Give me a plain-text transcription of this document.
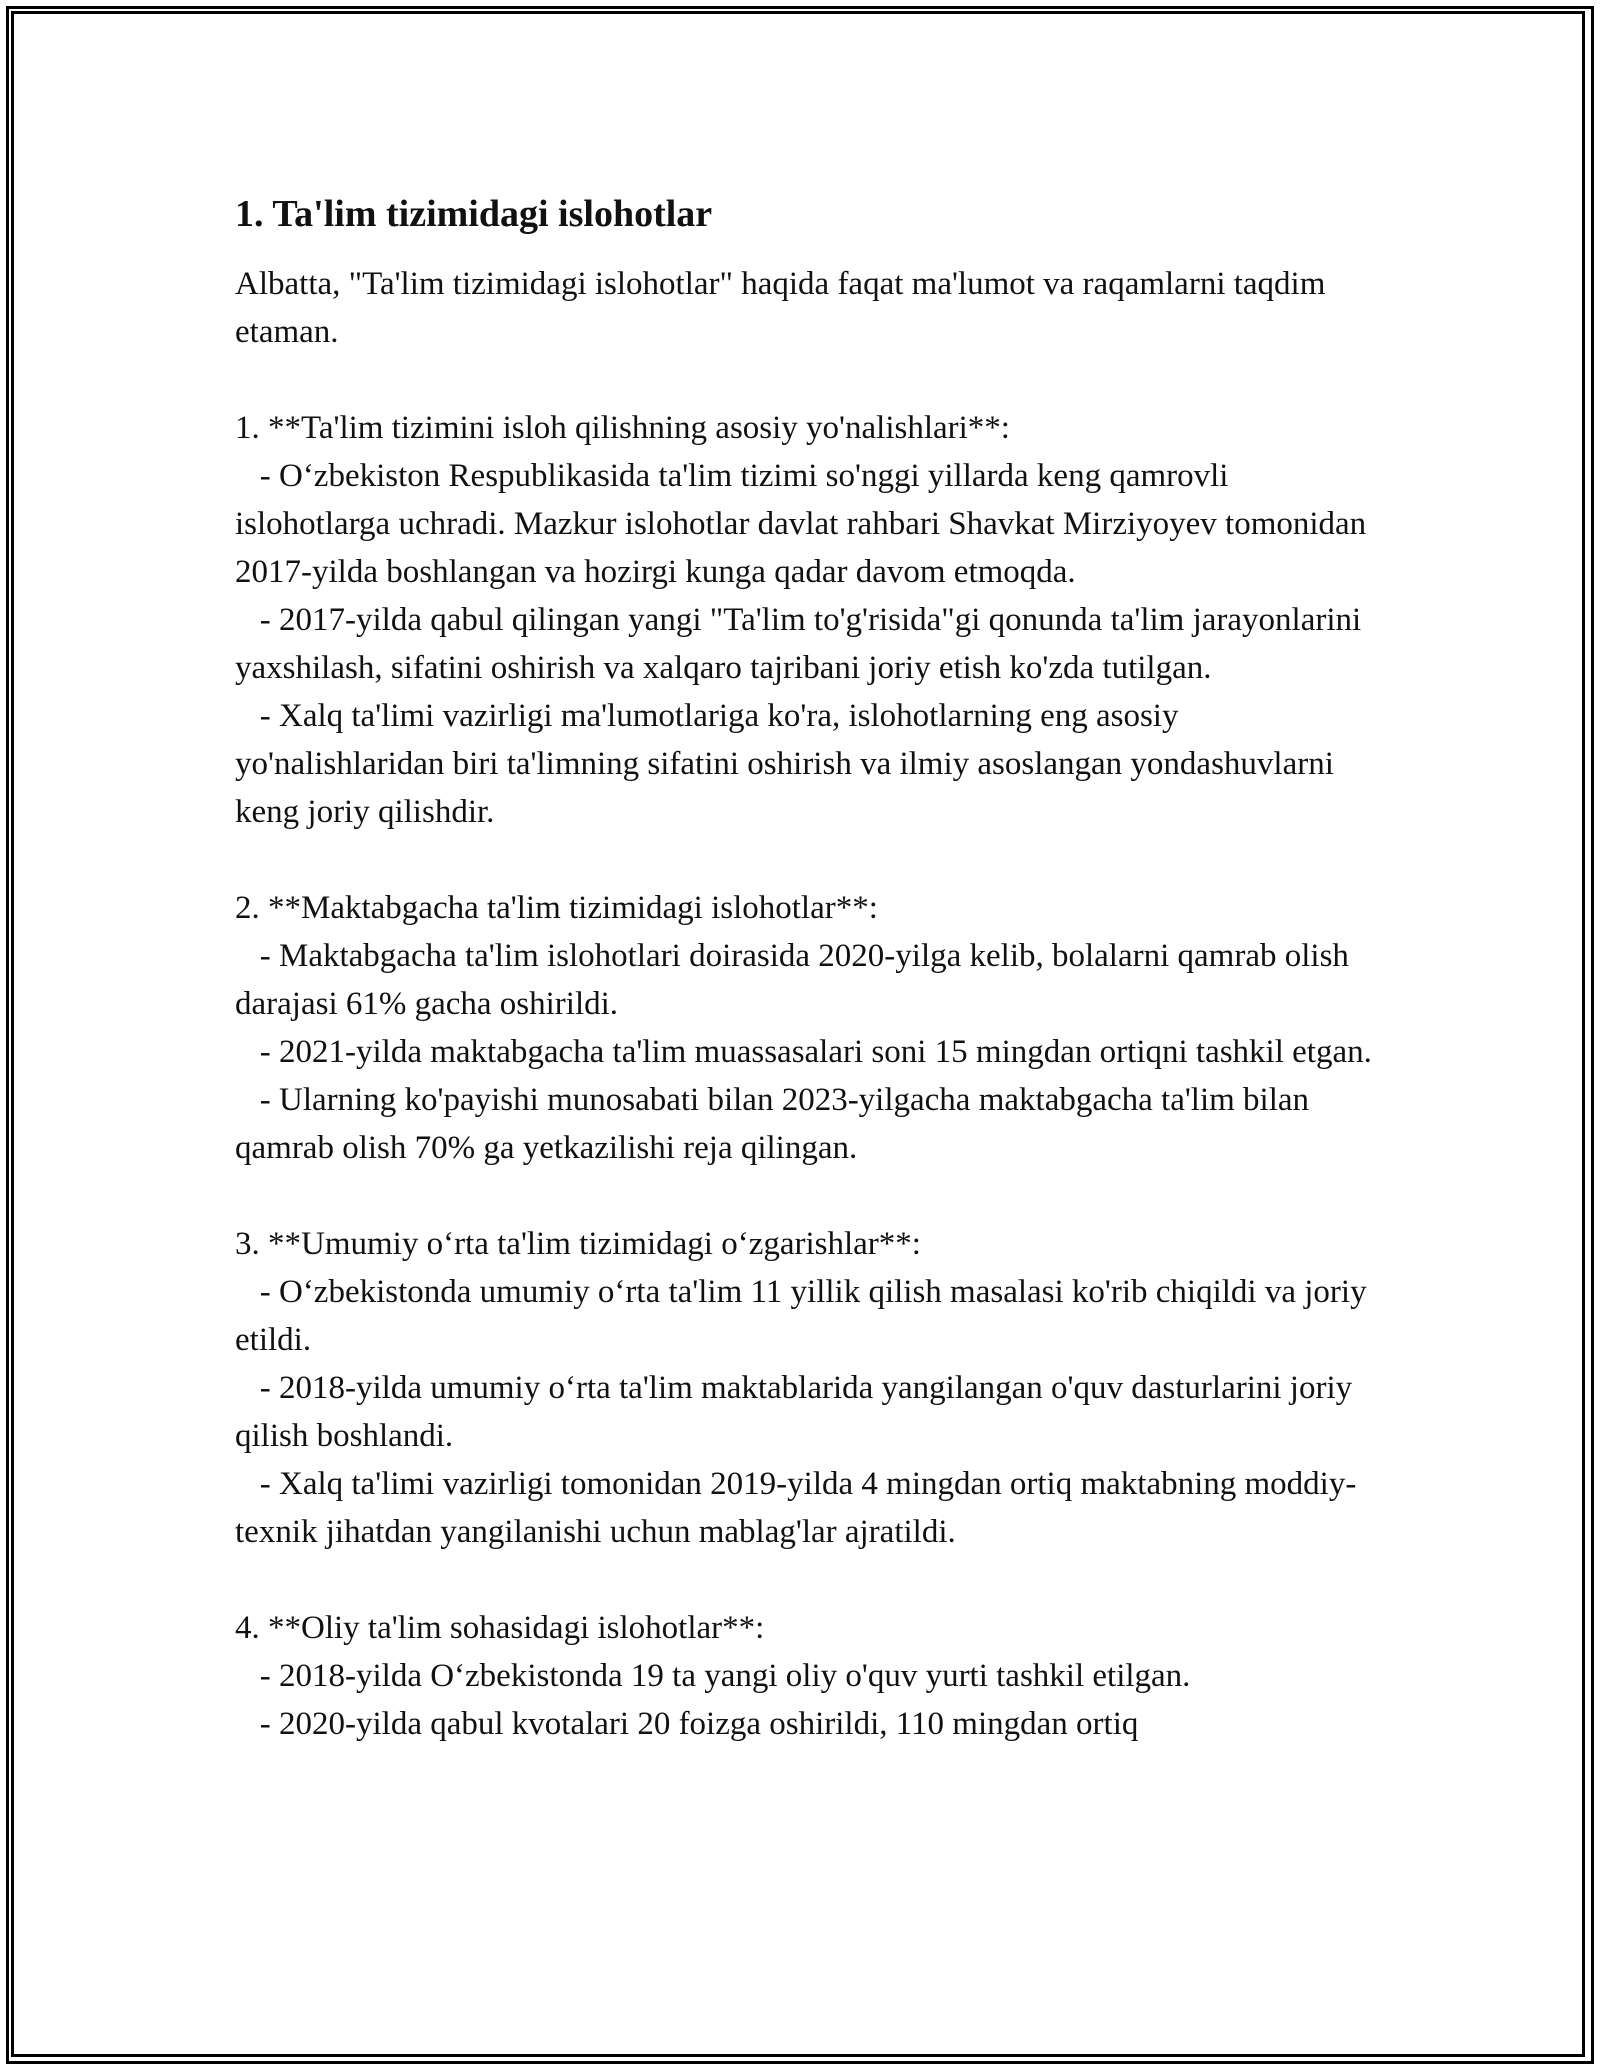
1. Ta'lim tizimidagi islohotlar

Albatta, "Ta'lim tizimidagi islohotlar" haqida faqat ma'lumot va raqamlarni taqdim etaman.

1. **Ta'lim tizimini isloh qilishning asosiy yo'nalishlari**:

- O‘zbekiston Respublikasida ta'lim tizimi so'nggi yillarda keng qamrovli islohotlarga uchradi. Mazkur islohotlar davlat rahbari Shavkat Mirziyoyev tomonidan 2017-yilda boshlangan va hozirgi kunga qadar davom etmoqda.

- 2017-yilda qabul qilingan yangi "Ta'lim to'g'risida"gi qonunda ta'lim jarayonlarini yaxshilash, sifatini oshirish va xalqaro tajribani joriy etish ko'zda tutilgan.

- Xalq ta'limi vazirligi ma'lumotlariga ko'ra, islohotlarning eng asosiy yo'nalishlaridan biri ta'limning sifatini oshirish va ilmiy asoslangan yondashuvlarni keng joriy qilishdir.

2. **Maktabgacha ta'lim tizimidagi islohotlar**:

- Maktabgacha ta'lim islohotlari doirasida 2020-yilga kelib, bolalarni qamrab olish darajasi 61% gacha oshirildi.

- 2021-yilda maktabgacha ta'lim muassasalari soni 15 mingdan ortiqni tashkil etgan.

- Ularning ko'payishi munosabati bilan 2023-yilgacha maktabgacha ta'lim bilan qamrab olish 70% ga yetkazilishi reja qilingan.

3. **Umumiy o‘rta ta'lim tizimidagi o‘zgarishlar**:

- O‘zbekistonda umumiy o‘rta ta'lim 11 yillik qilish masalasi ko'rib chiqildi va joriy etildi.

- 2018-yilda umumiy o‘rta ta'lim maktablarida yangilangan o'quv dasturlarini joriy qilish boshlandi.

- Xalq ta'limi vazirligi tomonidan 2019-yilda 4 mingdan ortiq maktabning moddiy-texnik jihatdan yangilanishi uchun mablag'lar ajratildi.

4. **Oliy ta'lim sohasidagi islohotlar**:

- 2018-yilda O‘zbekistonda 19 ta yangi oliy o'quv yurti tashkil etilgan.

- 2020-yilda qabul kvotalari 20 foizga oshirildi, 110 mingdan ortiq
